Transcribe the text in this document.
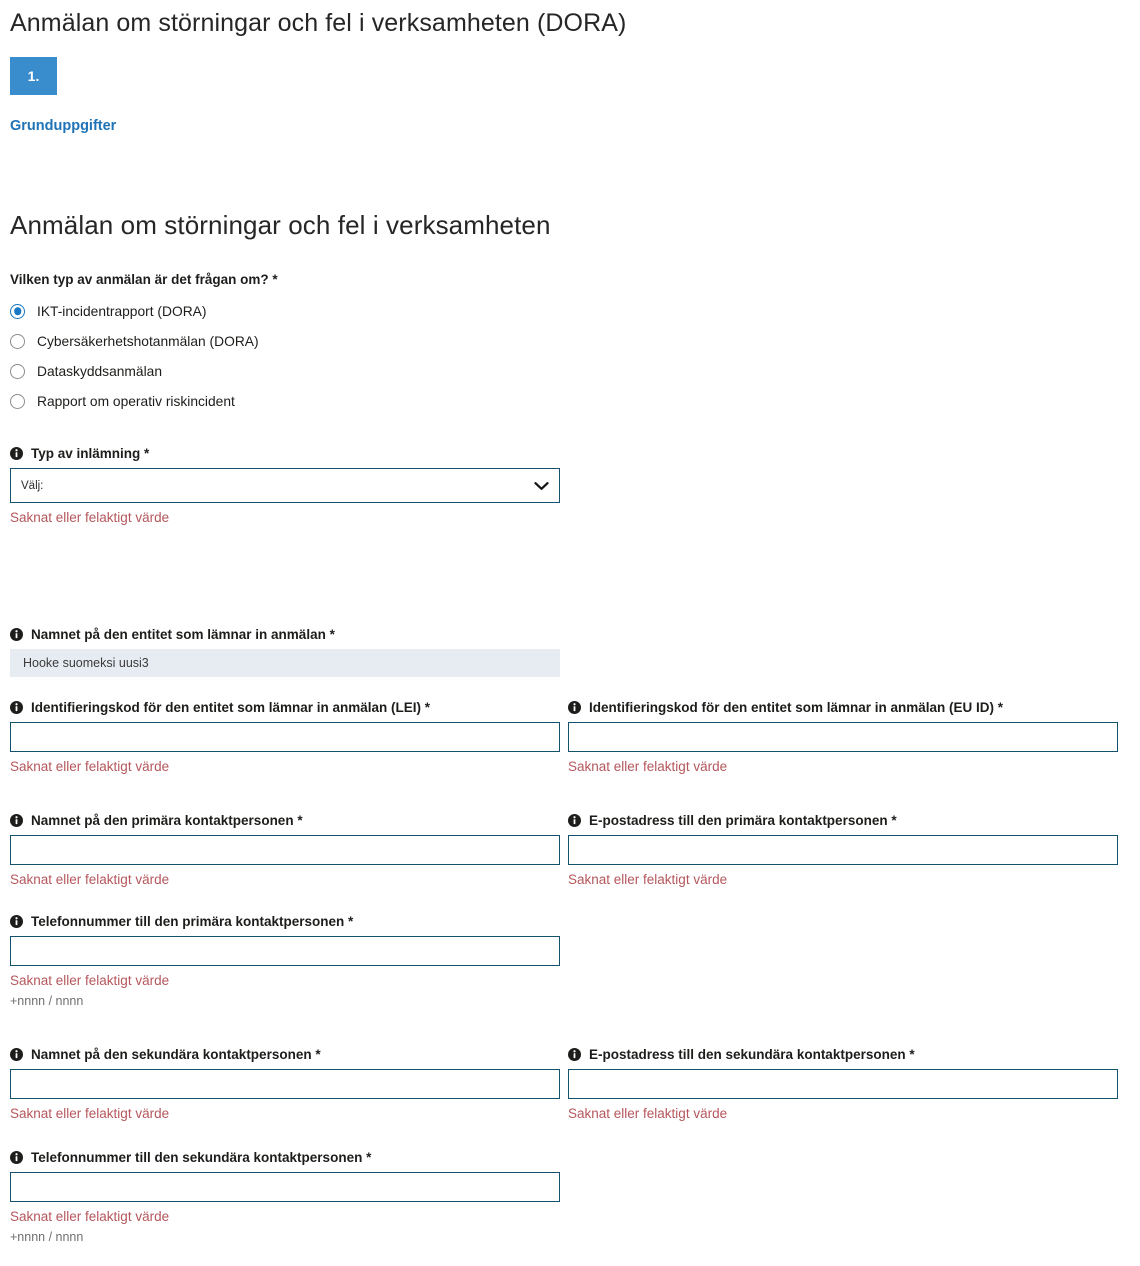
Anmälan om störningar och fel i verksamheten (DORA)
1.
Grunduppgifter
Anmälan om störningar och fel i verksamheten
Vilken typ av anmälan är det frågan om? *
IKT-incidentrapport (DORA)
Cybersäkerhetshotanmälan (DORA)
Dataskyddsanmälan
Rapport om operativ riskincident
Typ av inlämning *
Välj:
Saknat eller felaktigt värde
Namnet på den entitet som lämnar in anmälan *
Hooke suomeksi uusi3
Identifieringskod för den entitet som lämnar in anmälan (LEI) *
Saknat eller felaktigt värde
Identifieringskod för den entitet som lämnar in anmälan (EU ID) *
Saknat eller felaktigt värde
Namnet på den primära kontaktpersonen *
Saknat eller felaktigt värde
E-postadress till den primära kontaktpersonen *
Saknat eller felaktigt värde
Telefonnummer till den primära kontaktpersonen *
Saknat eller felaktigt värde
+nnnn / nnnn
Namnet på den sekundära kontaktpersonen *
Saknat eller felaktigt värde
E-postadress till den sekundära kontaktpersonen *
Saknat eller felaktigt värde
Telefonnummer till den sekundära kontaktpersonen *
Saknat eller felaktigt värde
+nnnn / nnnn
